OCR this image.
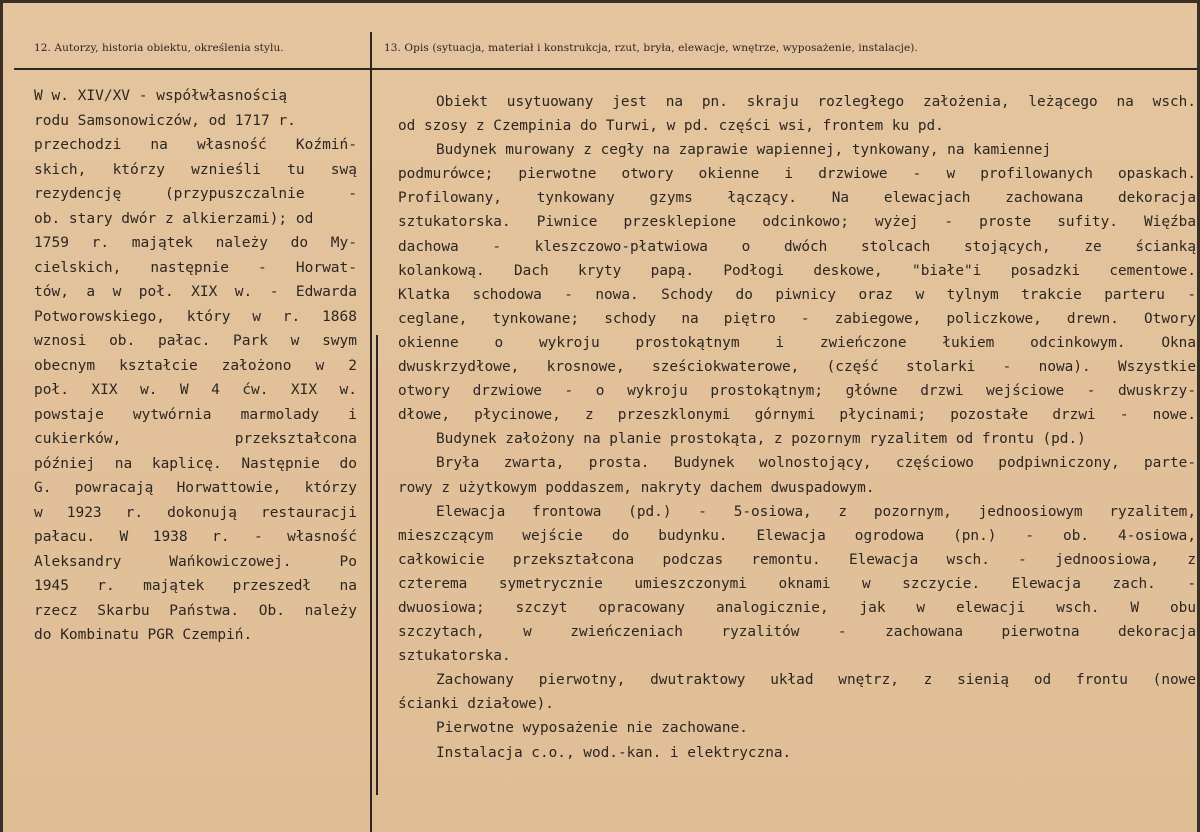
12. Autorzy, historia obiektu, określenia stylu.	13. Opis (sytuacja, materiał i konstrukcja, rzut, bryła, elewacje, wnętrze, wyposażenie, instalacje).
W w. XIV/XV - współwłasnością
rodu Samsonowiczów, od 1717 r.
przechodzi na własność Koźmiń-
skich, którzy wznieśli tu swą
rezydencję (przypuszczalnie -
ob. stary dwór z alkierzami); od
1759 r. majątek należy do My-
cielskich, następnie - Horwat-
tów, a w poł. XIX w. - Edwarda
Potworowskiego, który w r. 1868
wznosi ob. pałac. Park w swym
obecnym kształcie założono w 2
poł. XIX w. W 4 ćw. XIX w.
powstaje wytwórnia marmolady i
cukierków, przekształcona
później na kaplicę. Następnie do
G. powracają Horwattowie, którzy
w 1923 r. dokonują restauracji
pałacu. W 1938 r. - własność
Aleksandry Wańkowiczowej. Po
1945 r. majątek przeszedł na
rzecz Skarbu Państwa. Ob. należy
do Kombinatu PGR Czempiń.
Obiekt usytuowany jest na pn. skraju rozległego założenia, leżącego na wsch.
od szosy z Czempinia do Turwi, w pd. części wsi, frontem ku pd.
Budynek murowany z cegły na zaprawie wapiennej, tynkowany, na kamiennej
podmurówce; pierwotne otwory okienne i drzwiowe - w profilowanych opaskach.
Profilowany, tynkowany gzyms łączący. Na elewacjach zachowana dekoracja
sztukatorska. Piwnice przesklepione odcinkowo; wyżej - proste sufity. Więźba
dachowa - kleszczowo-płatwiowa o dwóch stolcach stojących, ze ścianką
kolankową. Dach kryty papą. Podłogi deskowe, "białe"i posadzki cementowe.
Klatka schodowa - nowa. Schody do piwnicy oraz w tylnym trakcie parteru -
ceglane, tynkowane; schody na piętro - zabiegowe, policzkowe, drewn. Otwory
okienne o wykroju prostokątnym i zwieńczone łukiem odcinkowym. Okna
dwuskrzydłowe, krosnowe, sześciokwaterowe, (część stolarki - nowa). Wszystkie
otwory drzwiowe - o wykroju prostokątnym; główne drzwi wejściowe - dwuskrzy-
dłowe, płycinowe, z przeszklonymi górnymi płycinami; pozostałe drzwi - nowe.
Budynek założony na planie prostokąta, z pozornym ryzalitem od frontu (pd.)
Bryła zwarta, prosta. Budynek wolnostojący, częściowo podpiwniczony, parte-
rowy z użytkowym poddaszem, nakryty dachem dwuspadowym.
Elewacja frontowa (pd.) - 5-osiowa, z pozornym, jednoosiowym ryzalitem,
mieszczącym wejście do budynku. Elewacja ogrodowa (pn.) - ob. 4-osiowa,
całkowicie przekształcona podczas remontu. Elewacja wsch. - jednoosiowa, z
czterema symetrycznie umieszczonymi oknami w szczycie. Elewacja zach. -
dwuosiowa; szczyt opracowany analogicznie, jak w elewacji wsch. W obu
szczytach, w zwieńczeniach ryzalitów - zachowana pierwotna dekoracja
sztukatorska.
Zachowany pierwotny, dwutraktowy układ wnętrz, z sienią od frontu (nowe
ścianki działowe).
Pierwotne wyposażenie nie zachowane.
Instalacja c.o., wod.-kan. i elektryczna.
